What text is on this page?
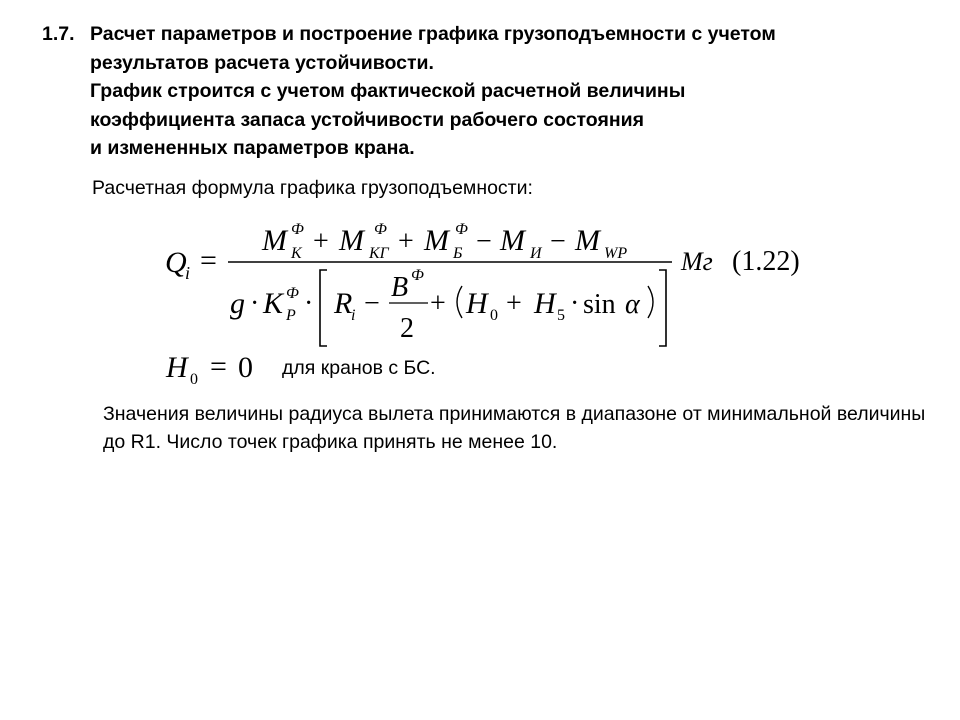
1.7. Расчет параметров и построение графика грузоподъемности с учетом
результатов расчета устойчивости.
График строится с учетом фактической расчетной величины
коэффициента запаса устойчивости рабочего состояния
и измененных параметров крана.
Расчетная формула графика грузоподъемности:
Q
i =
M Ф
К + M Ф
КГ + M Ф
Б − M И − M WP
g · K Ф
P · R
i −
B Ф
2
+ H 0 + H 5 · sin α
Мг (1.22)
H 0 = 0 для кранов с БС.
Значения величины радиуса вылета принимаются в диапазоне от минимальной величины до R1. Число точек графика принять не менее 10.
